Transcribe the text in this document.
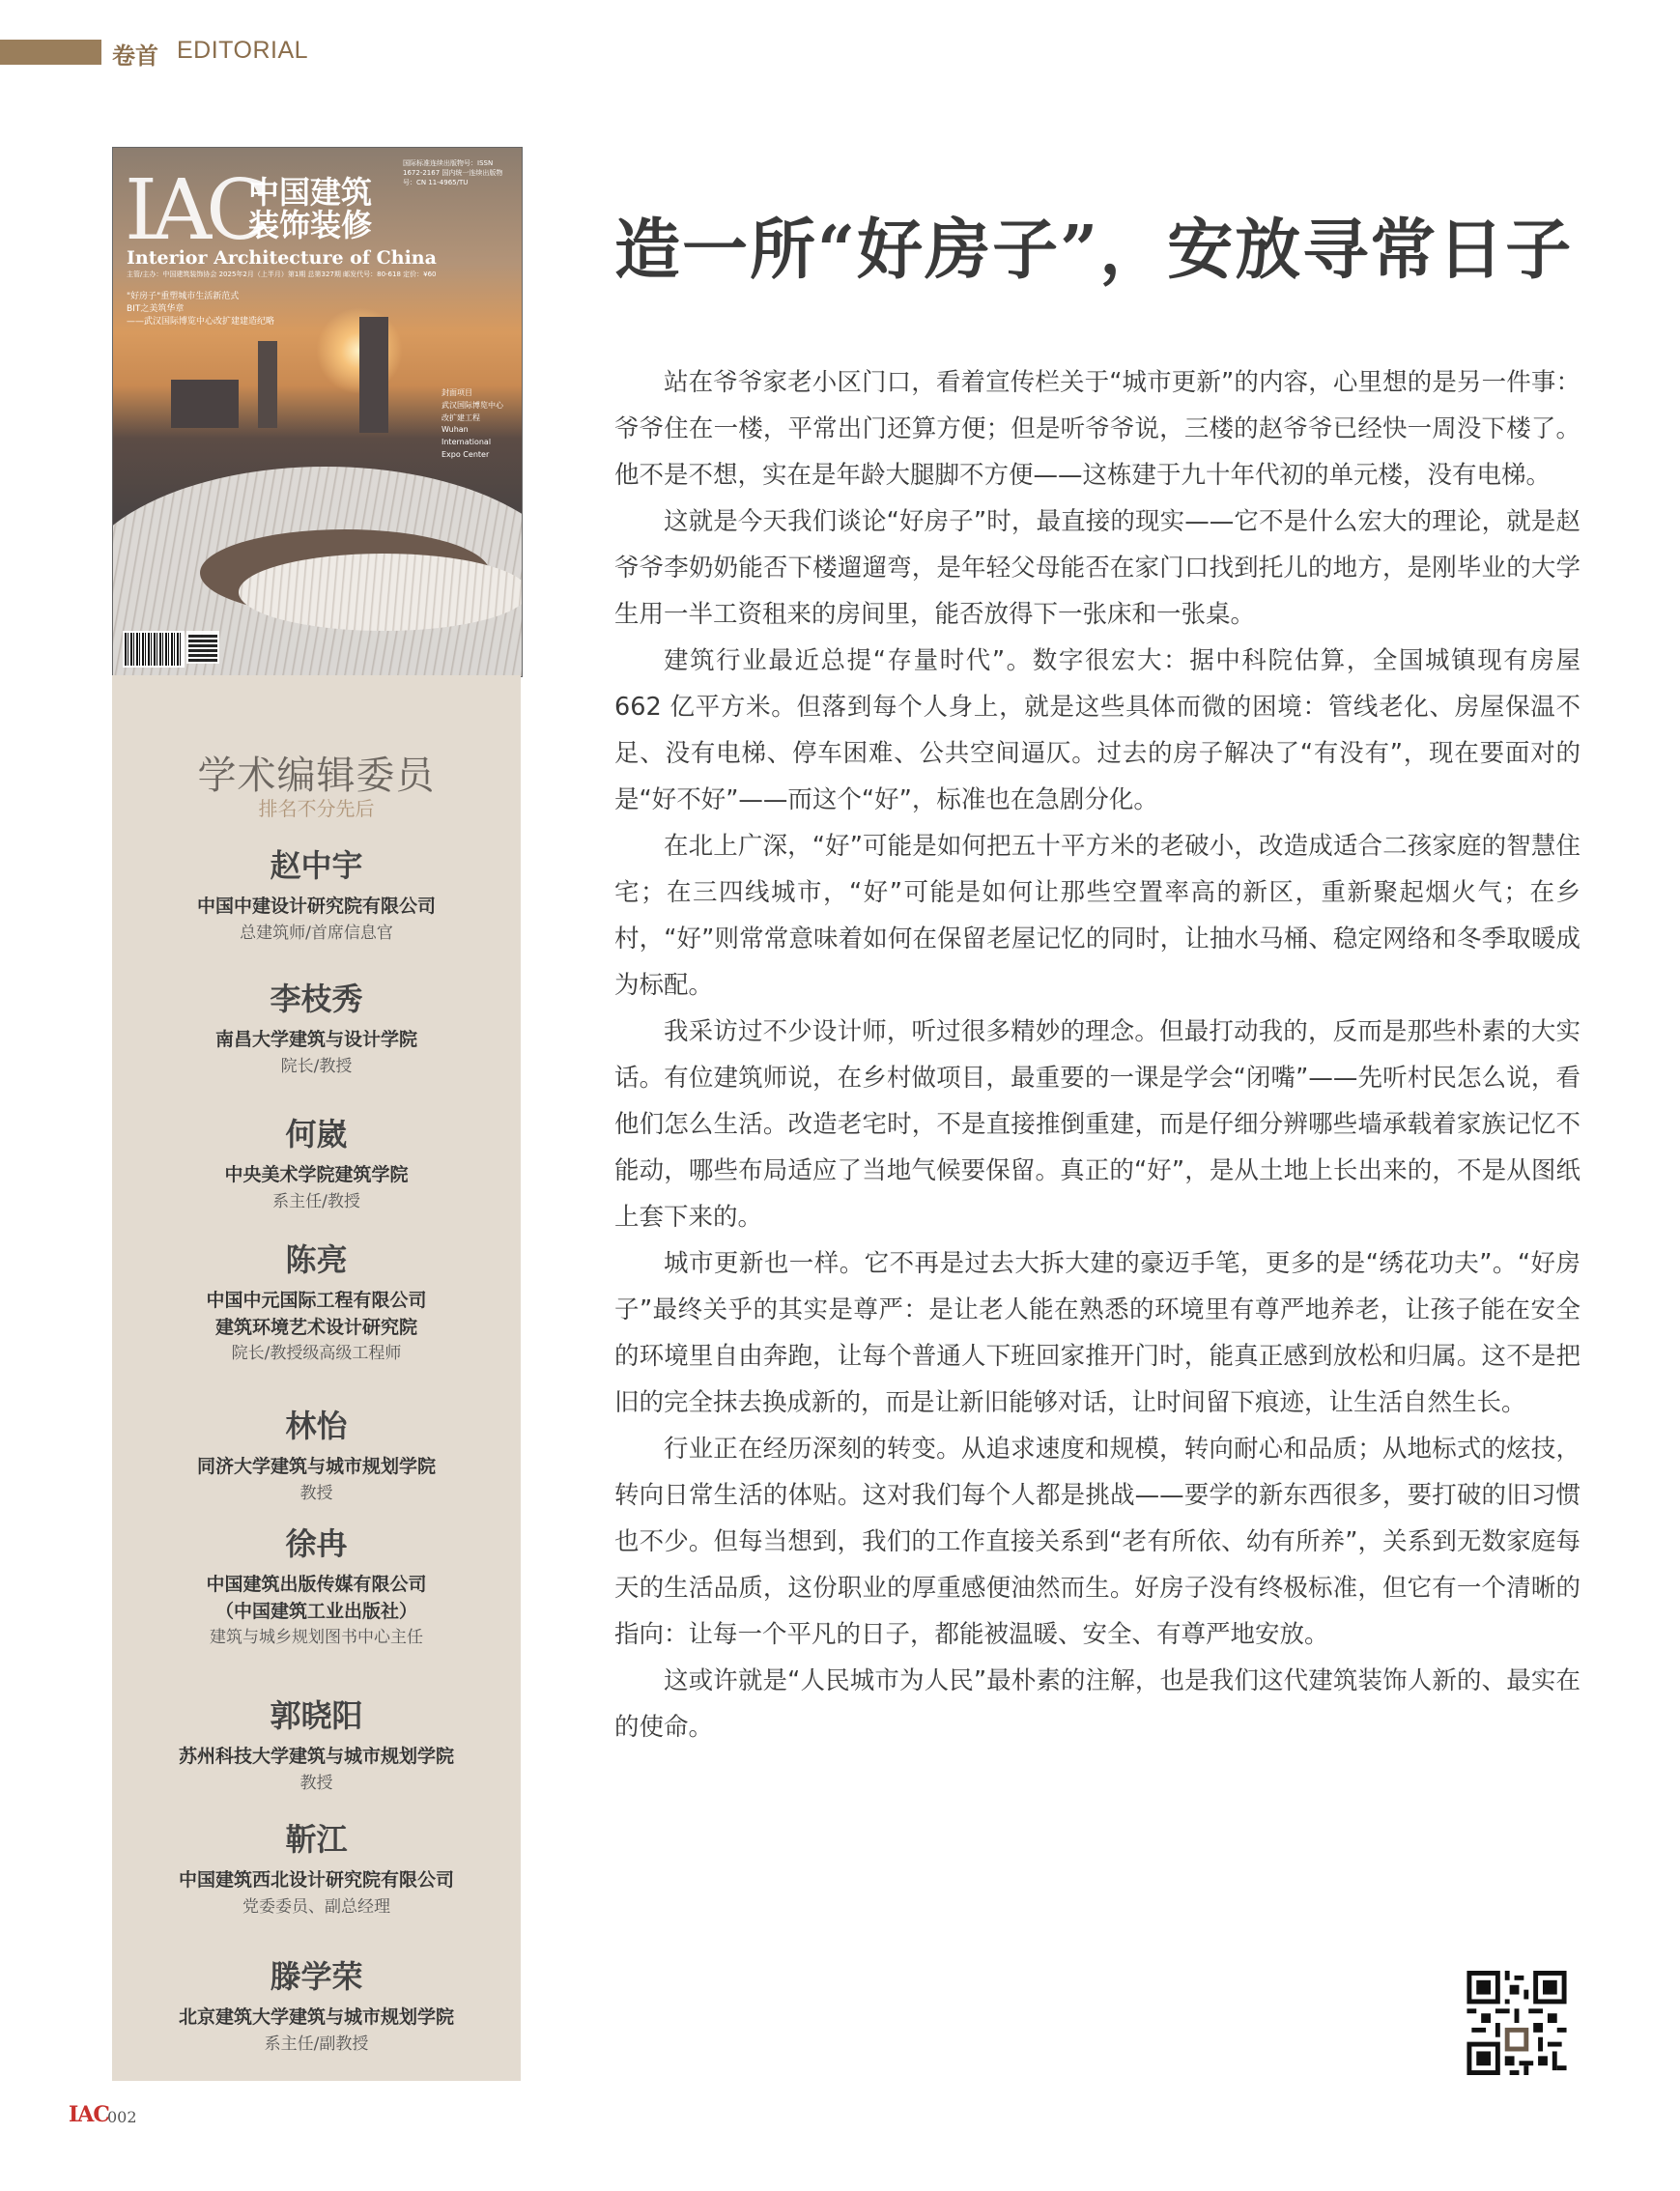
卷首 EDITORIAL
IAC
中国建筑装饰装修
Interior Architecture of China
国际标准连续出版物号：ISSN 1672-2167 国内统一连续出版物号：CN 11-4965/TU
主管/主办：中国建筑装饰协会 2025年2月（上半月）第1期 总第327期 邮发代号：80-618 定价：¥60
"好房子"重塑城市生活新范式
BIT之美筑华章
——武汉国际博览中心改扩建建造纪略
封面项目
武汉国际博览中心
改扩建工程
Wuhan International Expo Center
学术编辑委员
排名不分先后
赵中宇
中国中建设计研究院有限公司
总建筑师/首席信息官
李枝秀
南昌大学建筑与设计学院
院长/教授
何崴
中央美术学院建筑学院
系主任/教授
陈亮
中国中元国际工程有限公司
建筑环境艺术设计研究院
院长/教授级高级工程师
林怡
同济大学建筑与城市规划学院
教授
徐冉
中国建筑出版传媒有限公司
（中国建筑工业出版社）
建筑与城乡规划图书中心主任
郭晓阳
苏州科技大学建筑与城市规划学院
教授
靳江
中国建筑西北设计研究院有限公司
党委委员、副总经理
滕学荣
北京建筑大学建筑与城市规划学院
系主任/副教授
造一所“好房子”，安放寻常日子

站在爷爷家老小区门口，看着宣传栏关于“城市更新”的内容，心里想的是另一件事：爷爷住在一楼，平常出门还算方便；但是听爷爷说，三楼的赵爷爷已经快一周没下楼了。他不是不想，实在是年龄大腿脚不方便——这栋建于九十年代初的单元楼，没有电梯。

这就是今天我们谈论“好房子”时，最直接的现实——它不是什么宏大的理论，就是赵爷爷李奶奶能否下楼遛遛弯，是年轻父母能否在家门口找到托儿的地方，是刚毕业的大学生用一半工资租来的房间里，能否放得下一张床和一张桌。

建筑行业最近总提“存量时代”。数字很宏大：据中科院估算，全国城镇现有房屋 662 亿平方米。但落到每个人身上，就是这些具体而微的困境：管线老化、房屋保温不足、没有电梯、停车困难、公共空间逼仄。过去的房子解决了“有没有”，现在要面对的是“好不好”——而这个“好”，标准也在急剧分化。

在北上广深，“好”可能是如何把五十平方米的老破小，改造成适合二孩家庭的智慧住宅；在三四线城市，“好”可能是如何让那些空置率高的新区，重新聚起烟火气；在乡村，“好”则常常意味着如何在保留老屋记忆的同时，让抽水马桶、稳定网络和冬季取暖成为标配。

我采访过不少设计师，听过很多精妙的理念。但最打动我的，反而是那些朴素的大实话。有位建筑师说，在乡村做项目，最重要的一课是学会“闭嘴”——先听村民怎么说，看他们怎么生活。改造老宅时，不是直接推倒重建，而是仔细分辨哪些墙承载着家族记忆不能动，哪些布局适应了当地气候要保留。真正的“好”，是从土地上长出来的，不是从图纸上套下来的。

城市更新也一样。它不再是过去大拆大建的豪迈手笔，更多的是“绣花功夫”。“好房子”最终关乎的其实是尊严：是让老人能在熟悉的环境里有尊严地养老，让孩子能在安全的环境里自由奔跑，让每个普通人下班回家推开门时，能真正感到放松和归属。这不是把旧的完全抹去换成新的，而是让新旧能够对话，让时间留下痕迹，让生活自然生长。

行业正在经历深刻的转变。从追求速度和规模，转向耐心和品质；从地标式的炫技，转向日常生活的体贴。这对我们每个人都是挑战——要学的新东西很多，要打破的旧习惯也不少。但每当想到，我们的工作直接关系到“老有所依、幼有所养”，关系到无数家庭每天的生活品质，这份职业的厚重感便油然而生。好房子没有终极标准，但它有一个清晰的指向：让每一个平凡的日子，都能被温暖、安全、有尊严地安放。

这或许就是“人民城市为人民”最朴素的注解，也是我们这代建筑装饰人新的、最实在的使命。

IAC
002
